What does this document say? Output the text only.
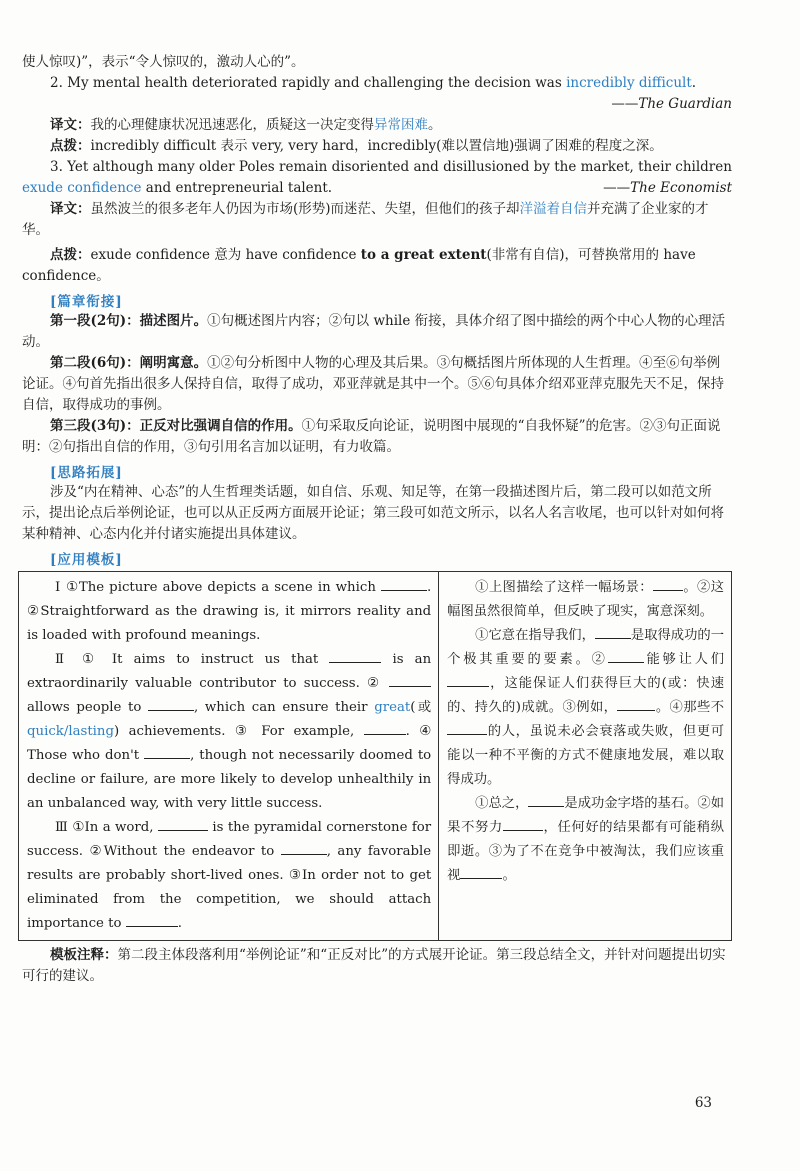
使人惊叹)”，表示“令人惊叹的，激动人心的”。

2. My mental health deteriorated rapidly and challenging the decision was incredibly difficult.

——The Guardian

译文：我的心理健康状况迅速恶化，质疑这一决定变得异常困难。

点拨：incredibly difficult 表示 very, very hard，incredibly(难以置信地)强调了困难的程度之深。

3. Yet although many older Poles remain disoriented and disillusioned by the market, their children exude confidence and entrepreneurial talent.	——The Economist

译文：虽然波兰的很多老年人仍因为市场(形势)而迷茫、失望，但他们的孩子却洋溢着自信并充满了企业家的才华。

点拨：exude confidence 意为 have confidence to a great extent(非常有自信)，可替换常用的 have confidence。

[篇章衔接]

第一段(2句)：描述图片。①句概述图片内容；②句以 while 衔接，具体介绍了图中描绘的两个中心人物的心理活动。

第二段(6句)：阐明寓意。①②句分析图中人物的心理及其后果。③句概括图片所体现的人生哲理。④至⑥句举例论证。④句首先指出很多人保持自信，取得了成功，邓亚萍就是其中一个。⑤⑥句具体介绍邓亚萍克服先天不足，保持自信，取得成功的事例。

第三段(3句)：正反对比强调自信的作用。①句采取反向论证，说明图中展现的“自我怀疑”的危害。②③句正面说明：②句指出自信的作用，③句引用名言加以证明，有力收篇。

[思路拓展]

涉及“内在精神、心态”的人生哲理类话题，如自信、乐观、知足等，在第一段描述图片后，第二段可以如范文所示，提出论点后举例论证，也可以从正反两方面展开论证；第三段可如范文所示，以名人名言收尾，也可以针对如何将某种精神、心态内化并付诸实施提出具体建议。

[应用模板]
Ⅰ ①The picture above depicts a scene in which	. ②Straightforward as the drawing is, it mirrors reality and is loaded with profound meanings.
Ⅱ ① It aims to instruct us that	is an extraordinarily valuable contributor to success. ②  allows people to	, which can ensure their great(或quick/lasting) achievements. ③ For example,	. ④ Those who don't	, though not necessarily doomed to decline or failure, are more likely to develop unhealthily in an unbalanced way, with very little success.
Ⅲ ①In a word,	is the pyramidal cornerstone for success. ②Without the endeavor to	, any favorable results are probably short-lived ones. ③In order not to get eliminated from the competition, we should attach importance to	.

①上图描绘了这样一幅场景： 。②这幅图虽然很简单，但反映了现实，寓意深刻。
①它意在指导我们，	是取得成功的一个极其重要的要素。②	能够让人们，这能保证人们获得巨大的(或：快速的、持久的)成就。③例如，	。④那些不的人，虽说未必会衰落或失败，但更可能以一种不平衡的方式不健康地发展，难以取得成功。
①总之，	是成功金字塔的基石。②如果不努力	，任何好的结果都有可能稍纵即逝。③为了不在竞争中被淘汰，我们应该重视	。

模板注释：第二段主体段落利用“举例论证”和“正反对比”的方式展开论证。第三段总结全文，并针对问题提出切实可行的建议。

63
